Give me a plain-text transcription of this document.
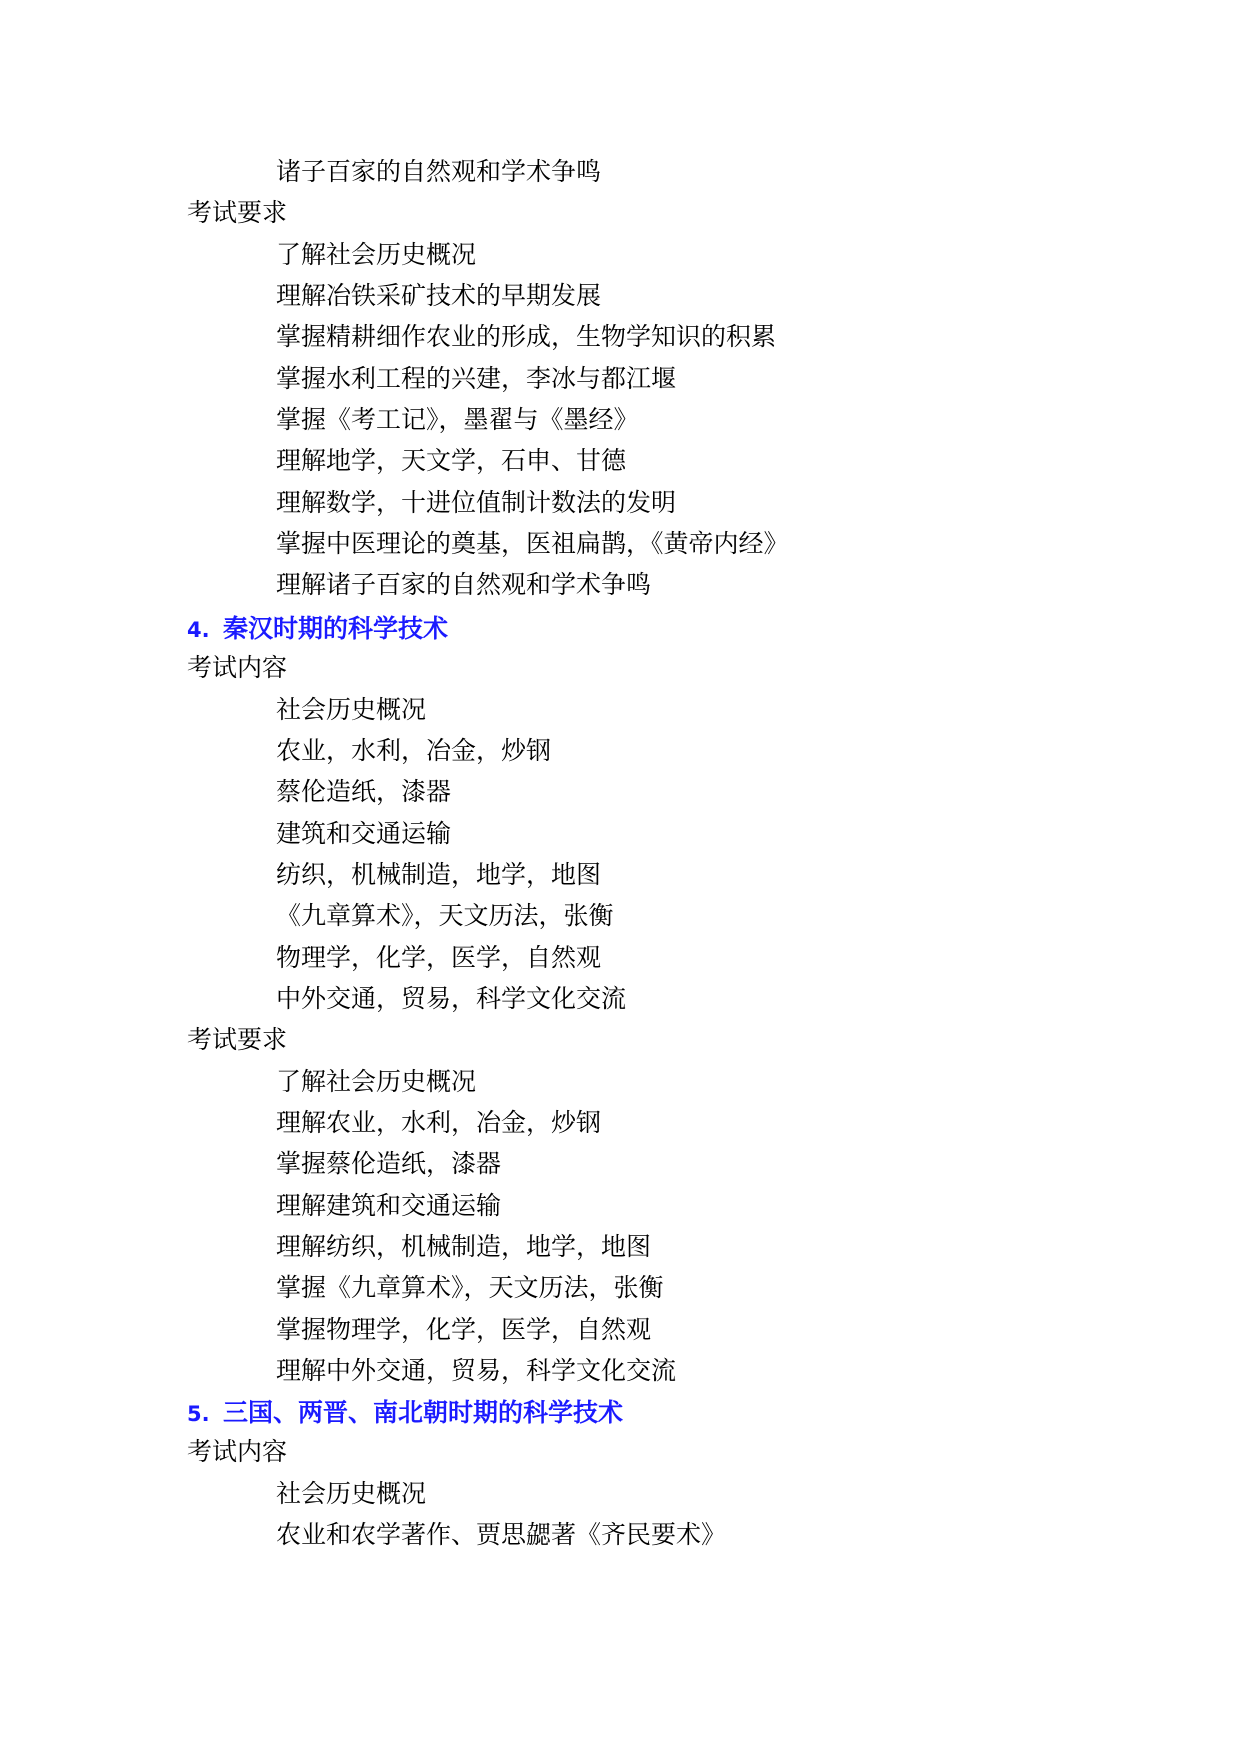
诸子百家的自然观和学术争鸣
考试要求
了解社会历史概况
理解冶铁采矿技术的早期发展
掌握精耕细作农业的形成，生物学知识的积累
掌握水利工程的兴建，李冰与都江堰
掌握《考工记》，墨翟与《墨经》
理解地学，天文学，石申、甘德
理解数学，十进位值制计数法的发明
掌握中医理论的奠基，医祖扁鹊，《黄帝内经》
理解诸子百家的自然观和学术争鸣
4. 秦汉时期的科学技术
考试内容
社会历史概况
农业，水利，冶金，炒钢
蔡伦造纸，漆器
建筑和交通运输
纺织，机械制造，地学，地图
《九章算术》，天文历法，张衡
物理学，化学，医学，自然观
中外交通，贸易，科学文化交流
考试要求
了解社会历史概况
理解农业，水利，冶金，炒钢
掌握蔡伦造纸，漆器
理解建筑和交通运输
理解纺织，机械制造，地学，地图
掌握《九章算术》，天文历法，张衡
掌握物理学，化学，医学，自然观
理解中外交通，贸易，科学文化交流
5. 三国、两晋、南北朝时期的科学技术
考试内容
社会历史概况
农业和农学著作、贾思勰著《齐民要术》
